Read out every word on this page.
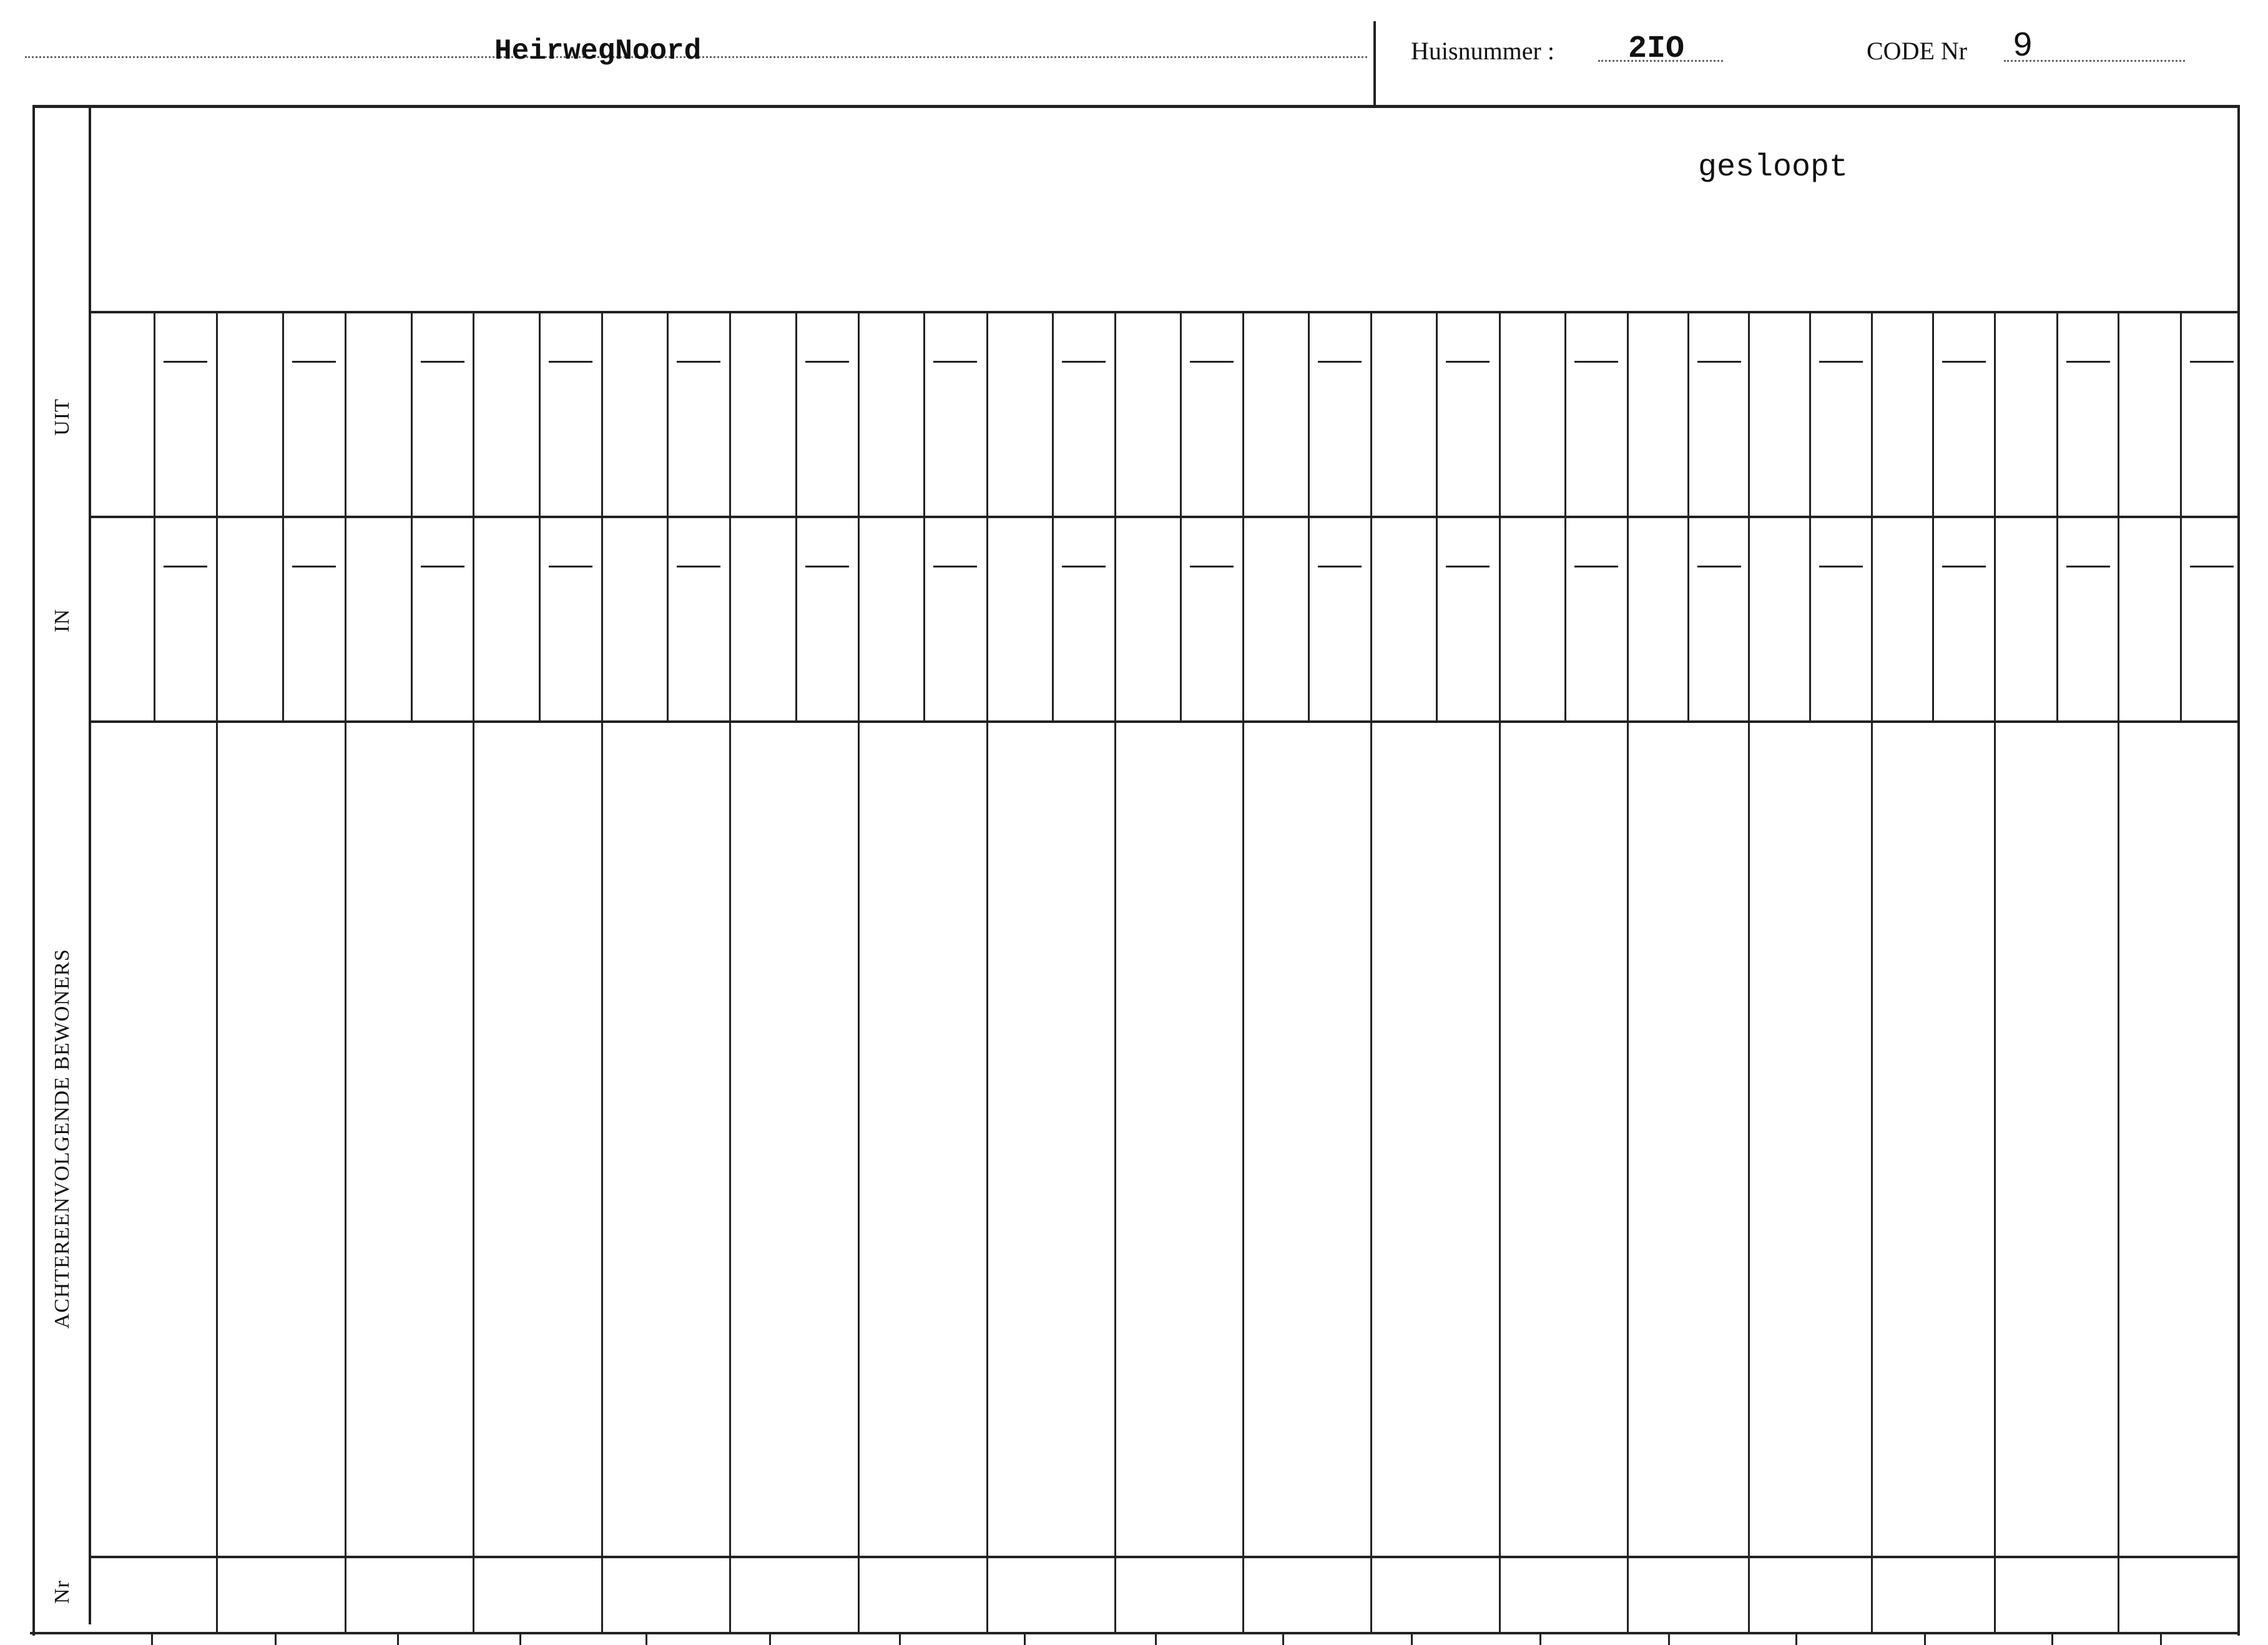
HeirwegNoord	Huisnummer : 2IO	CODE Nr 9
gesloopt
UIT
IN
ACHTEREENVOLGENDE BEWONERS
Nr
